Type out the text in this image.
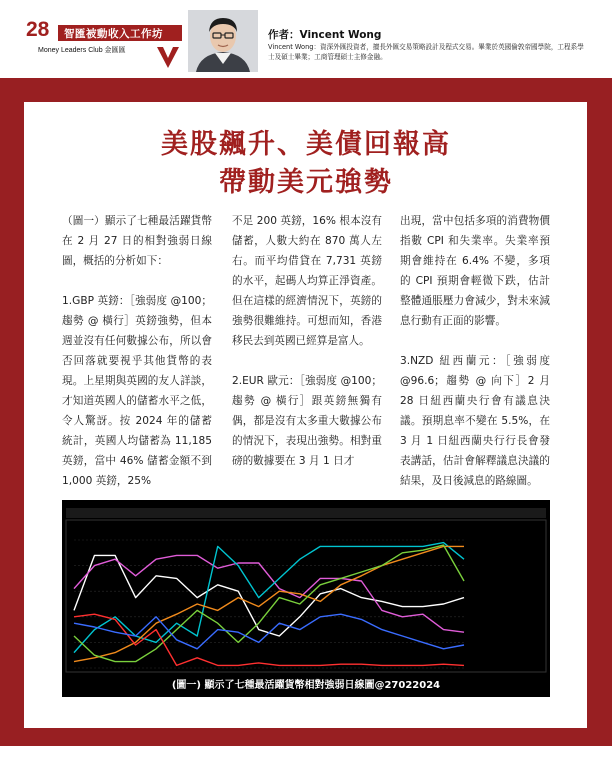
28 智匯被動收入工作坊
Money Leaders Club 金匯匯
作者：Vincent Wong
Vincent Wong：資深外匯投資者，擅長外匯交易策略設計及程式交易。畢業於英國倫敦帝國學院，工程系學士及碩士畢業；工商管理碩士主修金融。
美股飆升、美債回報高
帶動美元強勢

（圖一）顯示了七種最活躍貨幣在 2 月 27 日的相對強弱日線圖，概括的分析如下：

1.GBP 英鎊：［強弱度 @100；趨勢 @ 橫行］英鎊強勢，但本週並沒有任何數據公布，所以會否回落就要視乎其他貨幣的表現。上星期與英國的友人詳談，才知道英國人的儲蓄水平之低，令人驚訝。按 2024 年的儲蓄統計，英國人均儲蓄為 11,185 英鎊，當中 46% 儲蓄金額不到 1,000 英鎊，25%

不足 200 英鎊，16% 根本沒有儲蓄，人數大約在 870 萬人左右。而平均借貸在 7,731 英鎊的水平，起碼人均算正淨資產。但在這樣的經濟情況下，英鎊的強勢很難維持。可想而知，香港移民去到英國已經算是富人。

2.EUR 歐元：［強弱度 @100；趨勢 @ 橫行］跟英鎊無獨有偶，都是沒有太多重大數據公布的情況下，表現出強勢。相對重磅的數據要在 3 月 1 日才

出現，當中包括多項的消費物價指數 CPI 和失業率。失業率預期會維持在 6.4% 不變，多項的 CPI 預期會輕微下跌，估計整體通脹壓力會減少，對未來減息行動有正面的影響。

3.NZD 紐西蘭元：［強弱度 @96.6；趨勢 @ 向下］2 月 28 日紐西蘭央行會有議息決議。預期息率不變在 5.5%，在 3 月 1 日紐西蘭央行行長會發表講話，估計會解釋議息決議的結果，及日後減息的路線圖。

(圖一) 顯示了七種最活躍貨幣相對強弱日線圖@27022024
